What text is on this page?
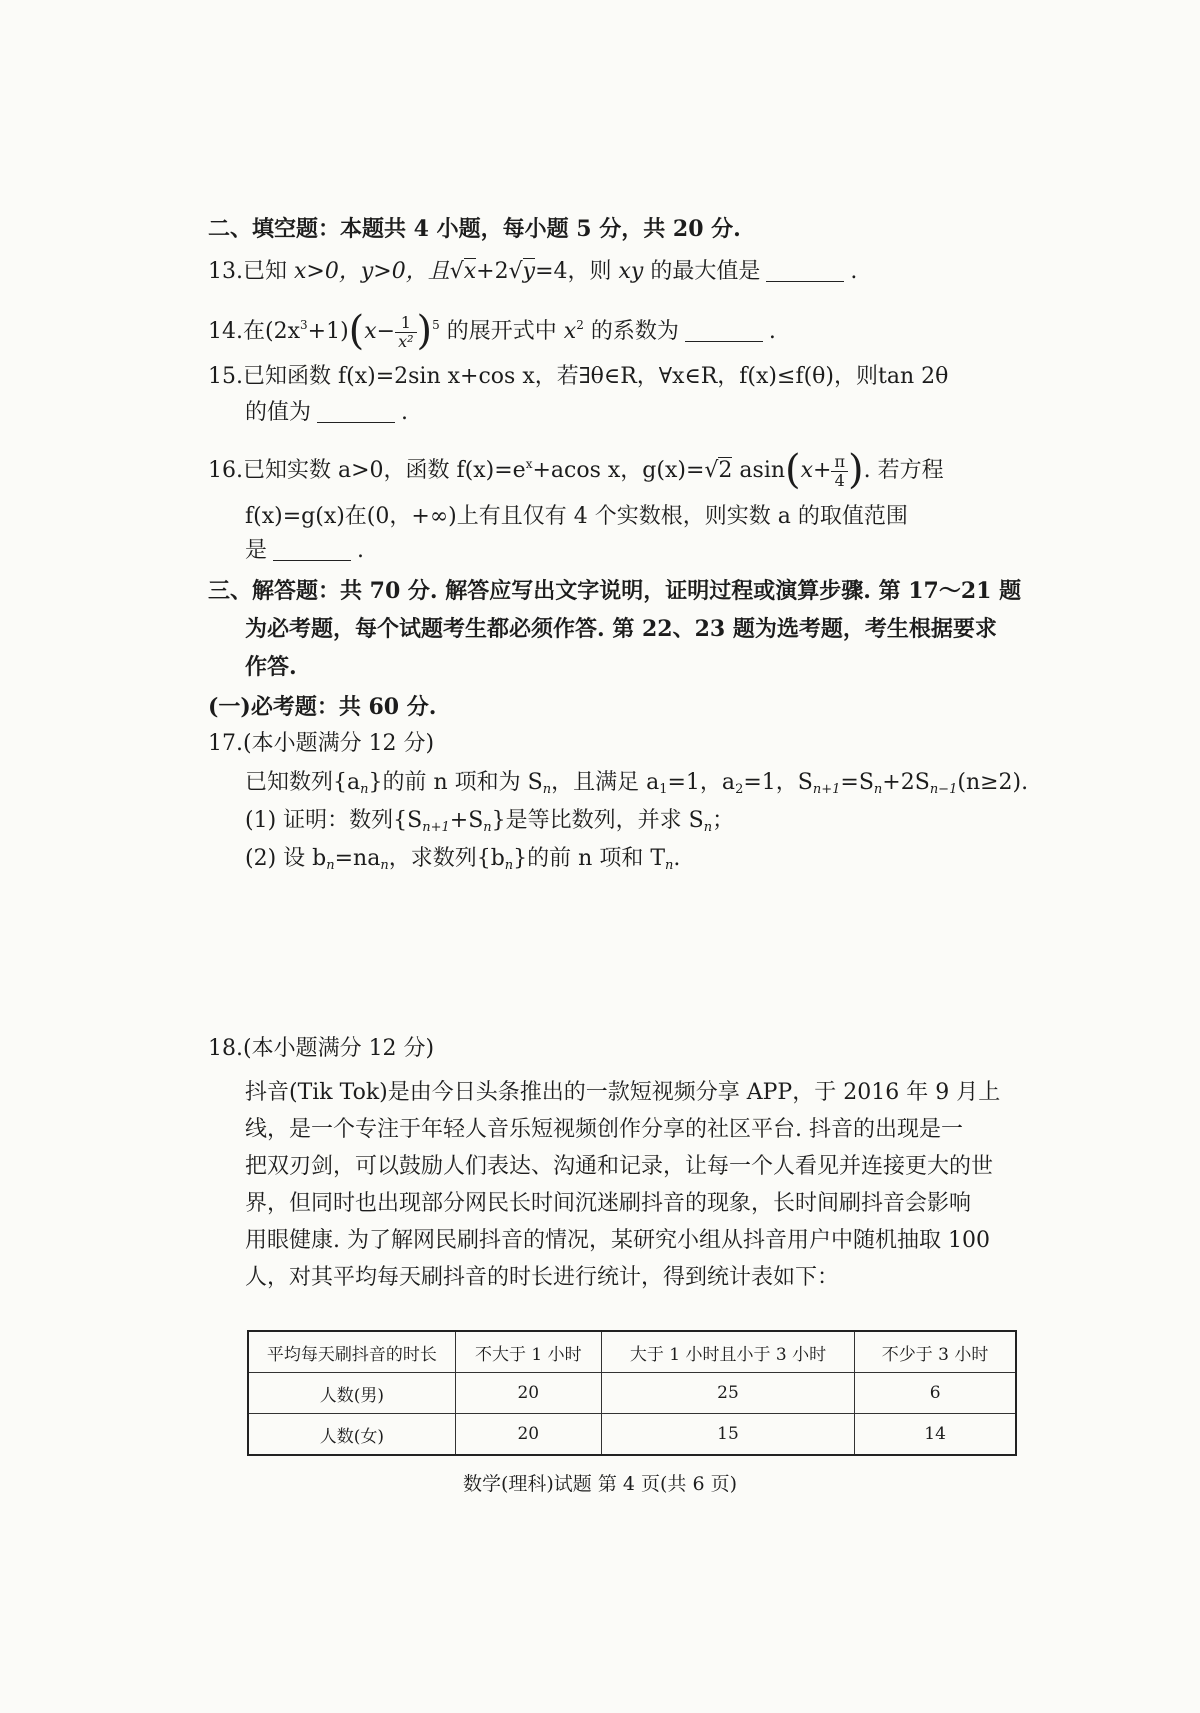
二、填空题：本题共 4 小题，每小题 5 分，共 20 分.
13.已知 x>0，y>0，且√x+2√y=4，则 xy 的最大值是	.
14.在$(2x^3+1)(x- \frac{1}{\text{x²}} )^5$ 的展开式中 $x^2$ 的系数为	.
15.已知函数 f(x)=2sin x+cos x，若∃θ∈R，∀x∈R，f(x)≤f(θ)，则tan 2θ
的值为	.
16.已知实数 a>0，函数 $f(x)=e^x+acos$ x，g(x)=√2 $asin(x+ \frac{\pi}{4}$ ). 若方程
f(x)=g(x)在(0，+∞)上有且仅有 4 个实数根，则实数 a 的取值范围
是	.
三、解答题：共 70 分. 解答应写出文字说明，证明过程或演算步骤. 第 17～21 题
为必考题，每个试题考生都必须作答. 第 22、23 题为选考题，考生根据要求
作答.
(一)必考题：共 60 分.
17.(本小题满分 12 分)
已知数列$\{a_n\}$的前 n 项和为 $S_n$，且满足 $a_1=1$，$a_2=1$，$S_{n+1}=S_n+2S_{n-1}(n\ge 2)$.
(1) 证明：数列$\{S_{n+1}+S_n\}$是等比数列，并求 $S_n$；
(2) 设 $b_n=na_n$，求数列$\{b_n\}$的前 n 项和 $T_n$.
18.(本小题满分 12 分)

抖音(Tik Tok)是由今日头条推出的一款短视频分享 APP，于 2016 年 9 月上

线，是一个专注于年轻人音乐短视频创作分享的社区平台. 抖音的出现是一

把双刃剑，可以鼓励人们表达、沟通和记录，让每一个人看见并连接更大的世

界，但同时也出现部分网民长时间沉迷刷抖音的现象，长时间刷抖音会影响

用眼健康. 为了解网民刷抖音的情况，某研究小组从抖音用户中随机抽取 100

人，对其平均每天刷抖音的时长进行统计，得到统计表如下：

平均每天刷抖音的时长	不大于 1 小时	大于 1 小时且小于 3 小时	不少于 3 小时
人数(男)	20	25	6
人数(女)	20	15	14
数学(理科)试题 第 4 页(共 6 页)
